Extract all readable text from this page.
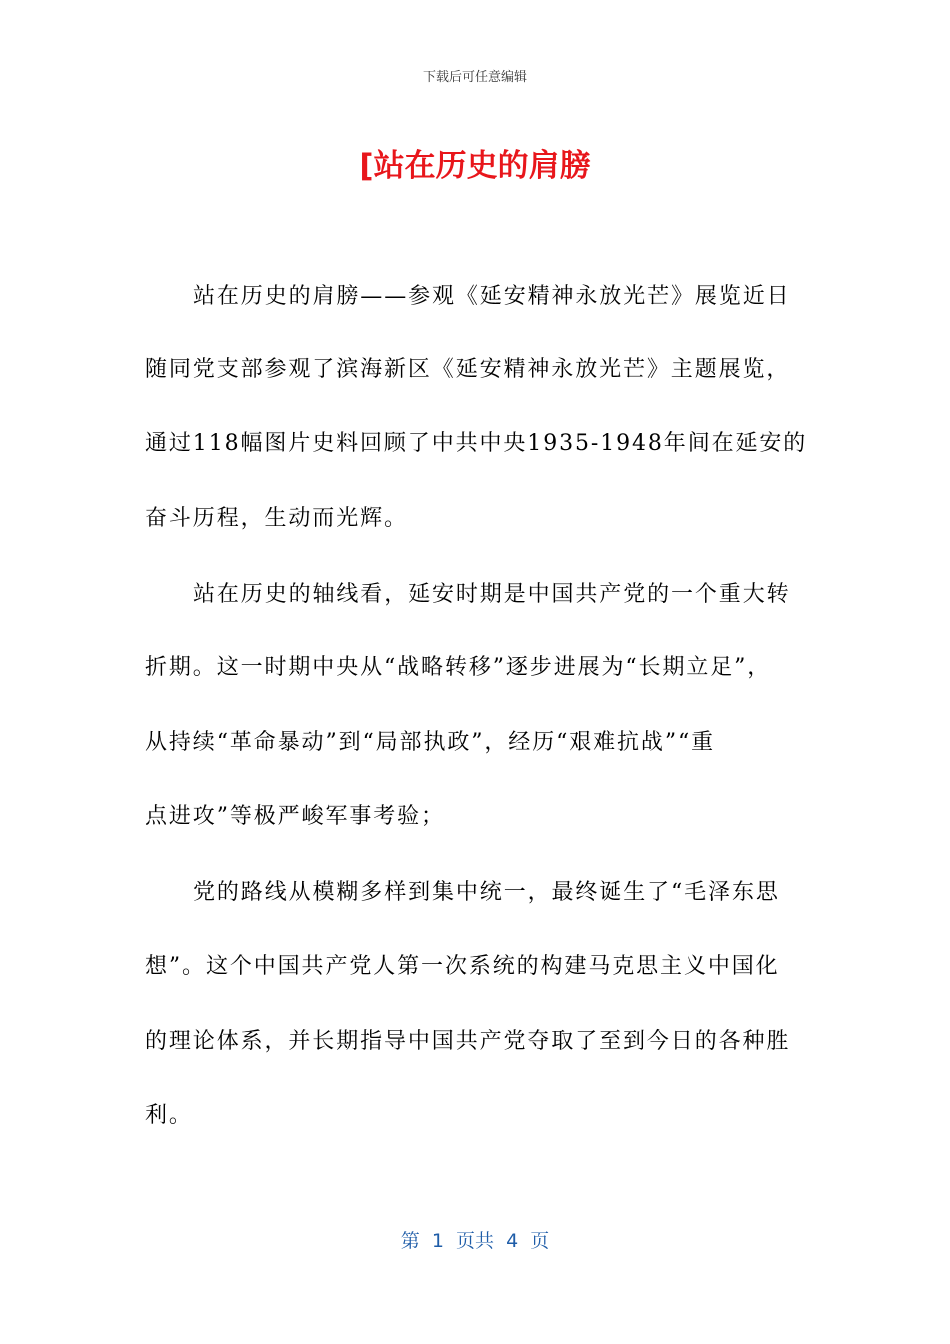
下载后可任意编辑
[站在历史的肩膀
站在历史的肩膀——参观《延安精神永放光芒》展览近日
随同党支部参观了滨海新区《延安精神永放光芒》主题展览，
通过118幅图片史料回顾了中共中央1935-1948年间在延安的
奋斗历程，生动而光辉。
站在历史的轴线看，延安时期是中国共产党的一个重大转
折期。这一时期中央从“战略转移”逐步进展为“长期立足”，
从持续“革命暴动”到“局部执政”，经历“艰难抗战”“重
点进攻”等极严峻军事考验；
党的路线从模糊多样到集中统一，最终诞生了“毛泽东思
想”。这个中国共产党人第一次系统的构建马克思主义中国化
的理论体系，并长期指导中国共产党夺取了至到今日的各种胜
利。
第  1  页共  4  页
